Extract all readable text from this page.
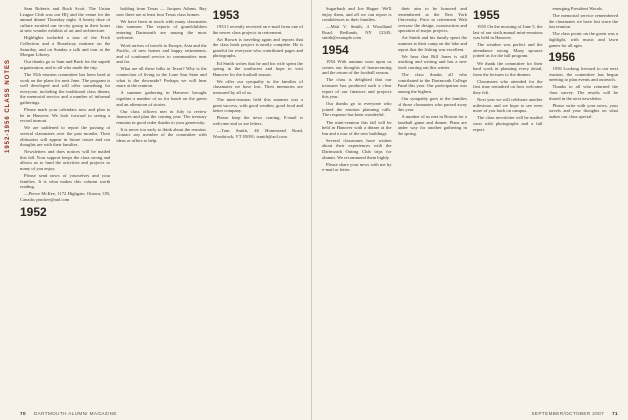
1952-1956 CLASS NOTES

Sam Roberts and Buck Scott. The Union League Club was our HQ and the venue for the annual dinner Thursday night. A hearty dose of culture awaited our in-city group in their hours at new wonder exhibits of art and architecture.

Highlights included a tour of the Frick Collection and a Broadway matinee on the Saturday, and on Sunday a talk and tour at the Morgan Library.

Our thanks go to Sam and Buck for the superb organization, and to all who made the trip.

The 55th reunion committee has been hard at work on the plans for next June. The program is well developed and will offer something for everyone, including the traditional class dinner, the memorial service and a number of informal gatherings.

Please mark your calendars now and plan to be in Hanover. We look forward to seeing a record turnout.

We are saddened to report the passing of several classmates over the past months. Their obituaries will appear in future issues and our thoughts are with their families.

Newsletters and dues notices will be mailed this fall. Your support keeps the class strong and allows us to fund the activities and projects so many of you enjoy.

Please send news of yourselves and your families. It is what makes this column worth reading.

—Pierce McKee, 1172 Highgate, Ottawa, ON, Canada; pmckee@aol.com

1952

holding from Texas — Jacques Adams. Bay now there are at least four Texas class homes.

We have been in touch with many classmates this summer. The reports of grandchildren entering Dartmouth are among the most welcome.

Word arrives of travels to Europe, Asia and the Pacific, of new homes and happy retirements, and of continued service to communities near and far.

What are all these folks in Texas? Why is the connection of living in the Lone Star State and what is the downside? Perhaps we will hear more at the reunion.

A summer gathering in Hanover brought together a number of us for lunch on the green and an afternoon of stories.

Our class officers met in July to review finances and plan the coming year. The treasury remains in good order thanks to your generosity.

It is never too early to think about the reunion. Contact any member of the committee with ideas or offers to help.

1953

1953 I recently received an e-mail from one of the newer class projects in retirement.

Art Brown is traveling again and reports that the class book project is nearly complete. He is grateful for everyone who contributed pages and photographs.

Ed Smith writes that he and his wife spent the spring in the southwest and hope to visit Hanover for the football season.

We offer our sympathy to the families of classmates we have lost. Their memories are treasured by all of us.

The mini-reunion held this summer was a great success, with good weather, good food and better company.

Please keep the news coming. E-mail is welcome and so are letters.

—Tom Smith, 46 Homestead Road, Woodstock, VT 05091; tsmith@aol.com

70 DARTMOUTH ALUMNI MAGAZINE

Sugarbush and Joe Hague. We'll enjoy them, and all we can report is condolences to their families.

—Matt V. Smith, 4 Woodland Road, Redlands, NY 12345; smith@example.com

1954

1954 With autumn soon upon us comes our thoughts of homecoming and the return of the football season.

The class is delighted that our treasurer has produced such a clear report of our finances and projects this year.

Our thanks go to everyone who joined the reunion planning calls. The response has been wonderful.

The mini-reunion this fall will be held in Hanover with a dinner at the Inn and a tour of the new buildings.

Several classmates have written about their experiences with the Dartmouth Outing Club trips for alumni. We recommend them highly.

Please share your news with me by e-mail or letter.

their aim to be honored and remembered at the New York University. Prior to retirement Walt oversaw the design, construction and operation of major projects.

Art Smith and his family spent the summer at their camp on the lake and report that the fishing was excellent.

We hear that Bill Jones is still teaching and writing and has a new book coming out this winter.

The class thanks all who contributed to the Dartmouth College Fund this year. Our participation was among the highest.

Our sympathy goes to the families of those classmates who passed away this year.

A number of us met in Boston for a baseball game and dinner. Plans are under way for another gathering in the spring.

1955

1955 On the morning of June 5, the last of our sixth annual mini-reunions was held in Hanover.

The weather was perfect and the attendance strong. Many spouses joined us for the full program.

We thank the committee for their hard work in planning every detail, from the lectures to the dinners.

Classmates who attended for the first time remarked on how welcome they felt.

Next year we will celebrate another milestone, and we hope to see even more of you back on campus.

The class newsletter will be mailed soon with photographs and a full report.

emerging President Woods.

The memorial service remembered the classmates we have lost since the last reunion.

The class picnic on the green was a highlight, with music and lawn games for all ages.

1956

1956 Looking forward to our next reunion, the committee has begun meeting to plan events and outreach.

Thanks to all who returned the class survey. The results will be shared in the next newsletter.

Please write with your news, your travels and your thoughts on what makes our class special.

SEPTEMBER/OCTOBER 2007 71
